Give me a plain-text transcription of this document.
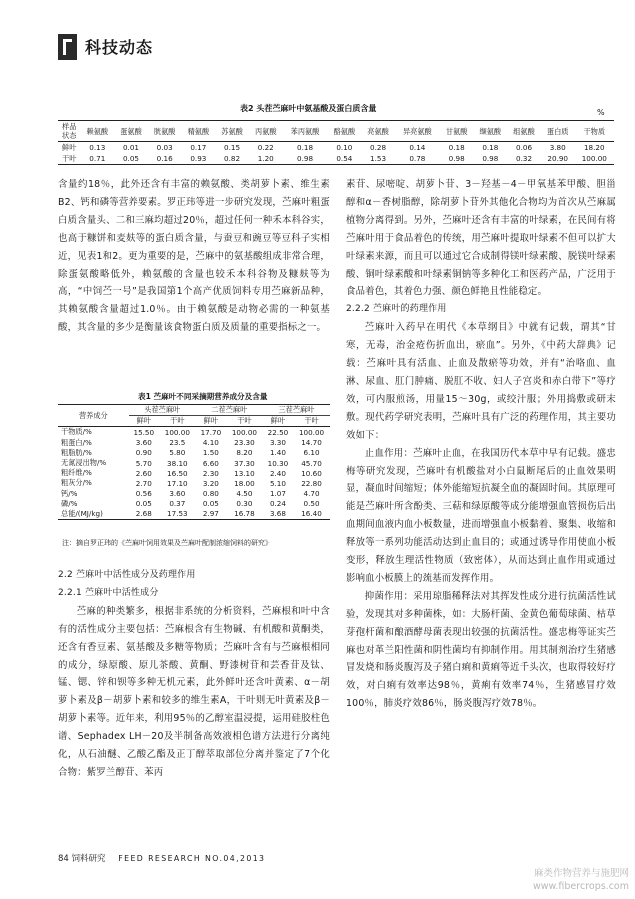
科技动态
表2 头茬苎麻叶中氨基酸及蛋白质含量	%
样品
状态	赖氨酸	蛋氨酸	胱氨酸	精氨酸	苏氨酸	丙氨酸	苯丙氨酸	酪氨酸	亮氨酸	异亮氨酸	甘氨酸	缬氨酸	组氨酸	蛋白质	干物质
鲜叶	0.13	0.01	0.03	0.17	0.15	0.22	0.18	0.10	0.28	0.14	0.18	0.18	0.06	3.80	18.20
干叶	0.71	0.05	0.16	0.93	0.82	1.20	0.98	0.54	1.53	0.78	0.98	0.98	0.32	20.90	100.00

含量约18％，此外还含有丰富的赖氨酸、类胡萝卜素、维生素B2、钙和磷等营养要素。罗正玮等进一步研究发现，苎麻叶粗蛋白质含量头、二和三麻均超过20％，超过任何一种禾本科谷实，也高于糠饼和麦麸等的蛋白质含量，与蚕豆和豌豆等豆科子实相近，见表1和2。更为重要的是，苎麻中的氨基酸组成非常合理，除蛋氨酸略低外，赖氨酸的含量也较禾本科谷物及糠麸等为高，“中饲苎一号”是我国第1个高产优质饲料专用苎麻新品种，其赖氨酸含量超过1.0％。由于赖氨酸是动物必需的一种氨基酸，其含量的多少是衡量该食物蛋白质及质量的重要指标之一。

表1 苎麻叶不同采摘期营养成分及含量
营养成分	头茬苎麻叶		二茬苎麻叶		三茬苎麻叶	
	鲜叶	干叶	鲜叶	干叶	鲜叶	干叶
干物质/%	15.50	100.00	17.70	100.00	22.50	100.00
粗蛋白/%	3.60	23.5	4.10	23.30	3.30	14.70
粗脂肪/%	0.90	5.80	1.50	8.20	1.40	6.10
无氮浸出物/%	5.70	38.10	6.60	37.30	10.30	45.70
粗纤维/%	2.60	16.50	2.30	13.10	2.40	10.60
粗灰分/%	2.70	17.10	3.20	18.00	5.10	22.80
钙/%	0.56	3.60	0.80	4.50	1.07	4.70
磷/%	0.05	0.37	0.05	0.30	0.24	0.50
总能/(MJ/kg)	2.68	17.53	2.97	16.78	3.68	16.40
注：摘自罗正玮的《苎麻叶饲用效果及苎麻叶配制浓缩饲料的研究》

2.2 苎麻叶中活性成分及药理作用

2.2.1 苎麻叶中活性成分

苎麻的种类繁多，根据非系统的分析资料，苎麻根和叶中含有的活性成分主要包括：苎麻根含有生物碱、有机酸和黄酮类，还含有香豆素、氨基酸及多糖等物质；苎麻叶含有与苎麻根相同的成分，绿原酸、原儿茶酸、黄酮、野漆树苷和芸香苷及钛、锰、锶、锌和钡等多种无机元素，此外鲜叶还含叶黄素、α－胡萝卜素及β－胡萝卜素和较多的维生素A，干叶则无叶黄素及β－胡萝卜素等。近年来，利用95％的乙醇室温浸提，运用硅胶柱色谱、Sephadex LH－20及半制备高效液相色谱方法进行分离纯化，从石油醚、乙酸乙酯及正丁醇萃取部位分离并鉴定了7个化合物：紫罗兰醇苷、苯丙

素苷、尿嘧啶、胡萝卜苷、3－羟基－4－甲氧基苯甲酸、胆甾醇和α－香树脂醇，除胡萝卜苷外其他化合物均为首次从苎麻属植物分离得到。另外，苎麻叶还含有丰富的叶绿素，在民间有将苎麻叶用于食品着色的传统，用苎麻叶提取叶绿素不但可以扩大叶绿素来源，而且可以通过它合成制得镁叶绿素酸、脱镁叶绿素酸、铜叶绿素酸和叶绿素铜钠等多种化工和医药产品，广泛用于食品着色，其着色力强、颜色鲜艳且性能稳定。

2.2.2 苎麻叶的药理作用

苎麻叶入药早在明代《本草纲目》中就有记载，谓其“甘寒，无毒，治金疮伤折血出，瘀血”。另外，《中药大辞典》记载：苎麻叶具有活血、止血及散瘀等功效，并有“治咯血、血淋、尿血、肛门肿痛、脱肛不收、妇人子宫炎和赤白带下”等疗效，可内服煎汤，用量15～30g，或绞汁服；外用捣敷或研末敷。现代药学研究表明，苎麻叶具有广泛的药理作用，其主要功效如下：

止血作用：苎麻叶止血，在我国历代本草中早有记载。盛忠梅等研究发现，苎麻叶有机酸盐对小白鼠断尾后的止血效果明显，凝血时间缩短；体外能缩短抗凝全血的凝固时间。其原理可能是苎麻叶所含酚类、三萜和绿原酸等成分能增强血管损伤后出血期间血液内血小板数量，进而增强血小板黏着、聚集、收缩和释放等一系列功能活动达到止血目的；或通过诱导作用使血小板变形，释放生理活性物质（致密体），从而达到止血作用或通过影响血小板膜上的巯基而发挥作用。

抑菌作用：采用琼脂稀释法对其挥发性成分进行抗菌活性试验，发现其对多种菌株，如：大肠杆菌、金黄色葡萄球菌、枯草芽孢杆菌和酿酒酵母菌表现出较强的抗菌活性。盛忠梅等证实苎麻也对革兰阳性菌和阴性菌均有抑制作用。用其制剂治疗生猪感冒发烧和肠炎腹泻及子猪白痢和黄痢等近千头次，也取得较好疗效，对白痢有效率达98％，黄痢有效率74％，生猪感冒疗效100％，肺炎疗效86％，肠炎腹泻疗效78％。

84 饲料研究 FEED RESEARCH NO.04,2013
麻类作物营养与施肥网
www.fibercrops.com
